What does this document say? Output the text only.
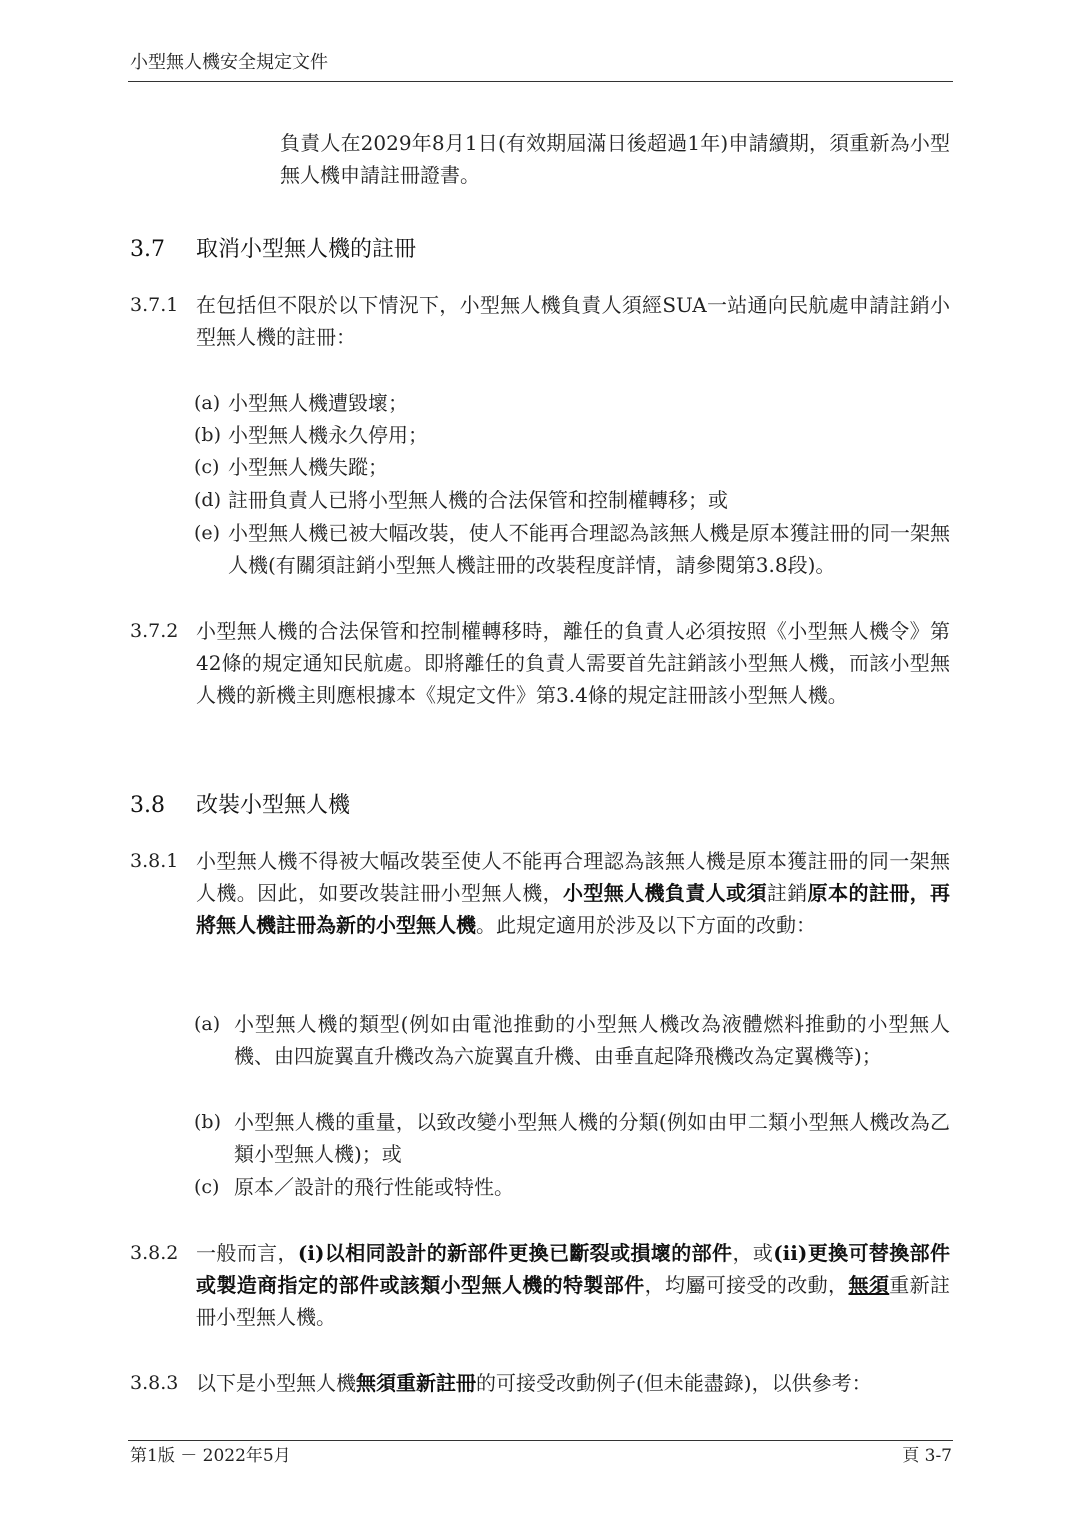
小型無人機安全規定文件

負責人在2029年8月1日(有效期屆滿日後超過1年)申請續期，須重新為小型無人機申請註冊證書。

3.7 取消小型無人機的註冊
3.7.1 在包括但不限於以下情況下，小型無人機負責人須經SUA一站通向民航處申請註銷小型無人機的註冊：

(a) 小型無人機遭毀壞；
(b) 小型無人機永久停用；
(c) 小型無人機失蹤；
(d) 註冊負責人已將小型無人機的合法保管和控制權轉移；或
(e) 小型無人機已被大幅改裝，使人不能再合理認為該無人機是原本獲註冊的同一架無人機(有關須註銷小型無人機註冊的改裝程度詳情，請參閱第3.8段)。
3.7.2 小型無人機的合法保管和控制權轉移時，離任的負責人必須按照《小型無人機令》第42條的規定通知民航處。即將離任的負責人需要首先註銷該小型無人機，而該小型無人機的新機主則應根據本《規定文件》第3.4條的規定註冊該小型無人機。

3.8 改裝小型無人機
3.8.1 小型無人機不得被大幅改裝至使人不能再合理認為該無人機是原本獲註冊的同一架無人機。因此，如要改裝註冊小型無人機，小型無人機負責人或須註銷原本的註冊，再將無人機註冊為新的小型無人機。此規定適用於涉及以下方面的改動：

(a) 小型無人機的類型(例如由電池推動的小型無人機改為液體燃料推動的小型無人機、由四旋翼直升機改為六旋翼直升機、由垂直起降飛機改為定翼機等)；
(b) 小型無人機的重量，以致改變小型無人機的分類(例如由甲二類小型無人機改為乙類小型無人機)；或
(c) 原本／設計的飛行性能或特性。
3.8.2 一般而言，(i)以相同設計的新部件更換已斷裂或損壞的部件，或(ii)更換可替換部件或製造商指定的部件或該類小型無人機的特製部件，均屬可接受的改動，無須重新註冊小型無人機。

3.8.3 以下是小型無人機無須重新註冊的可接受改動例子(但未能盡錄)，以供參考：

第1版 － 2022年5月	頁 3-7
